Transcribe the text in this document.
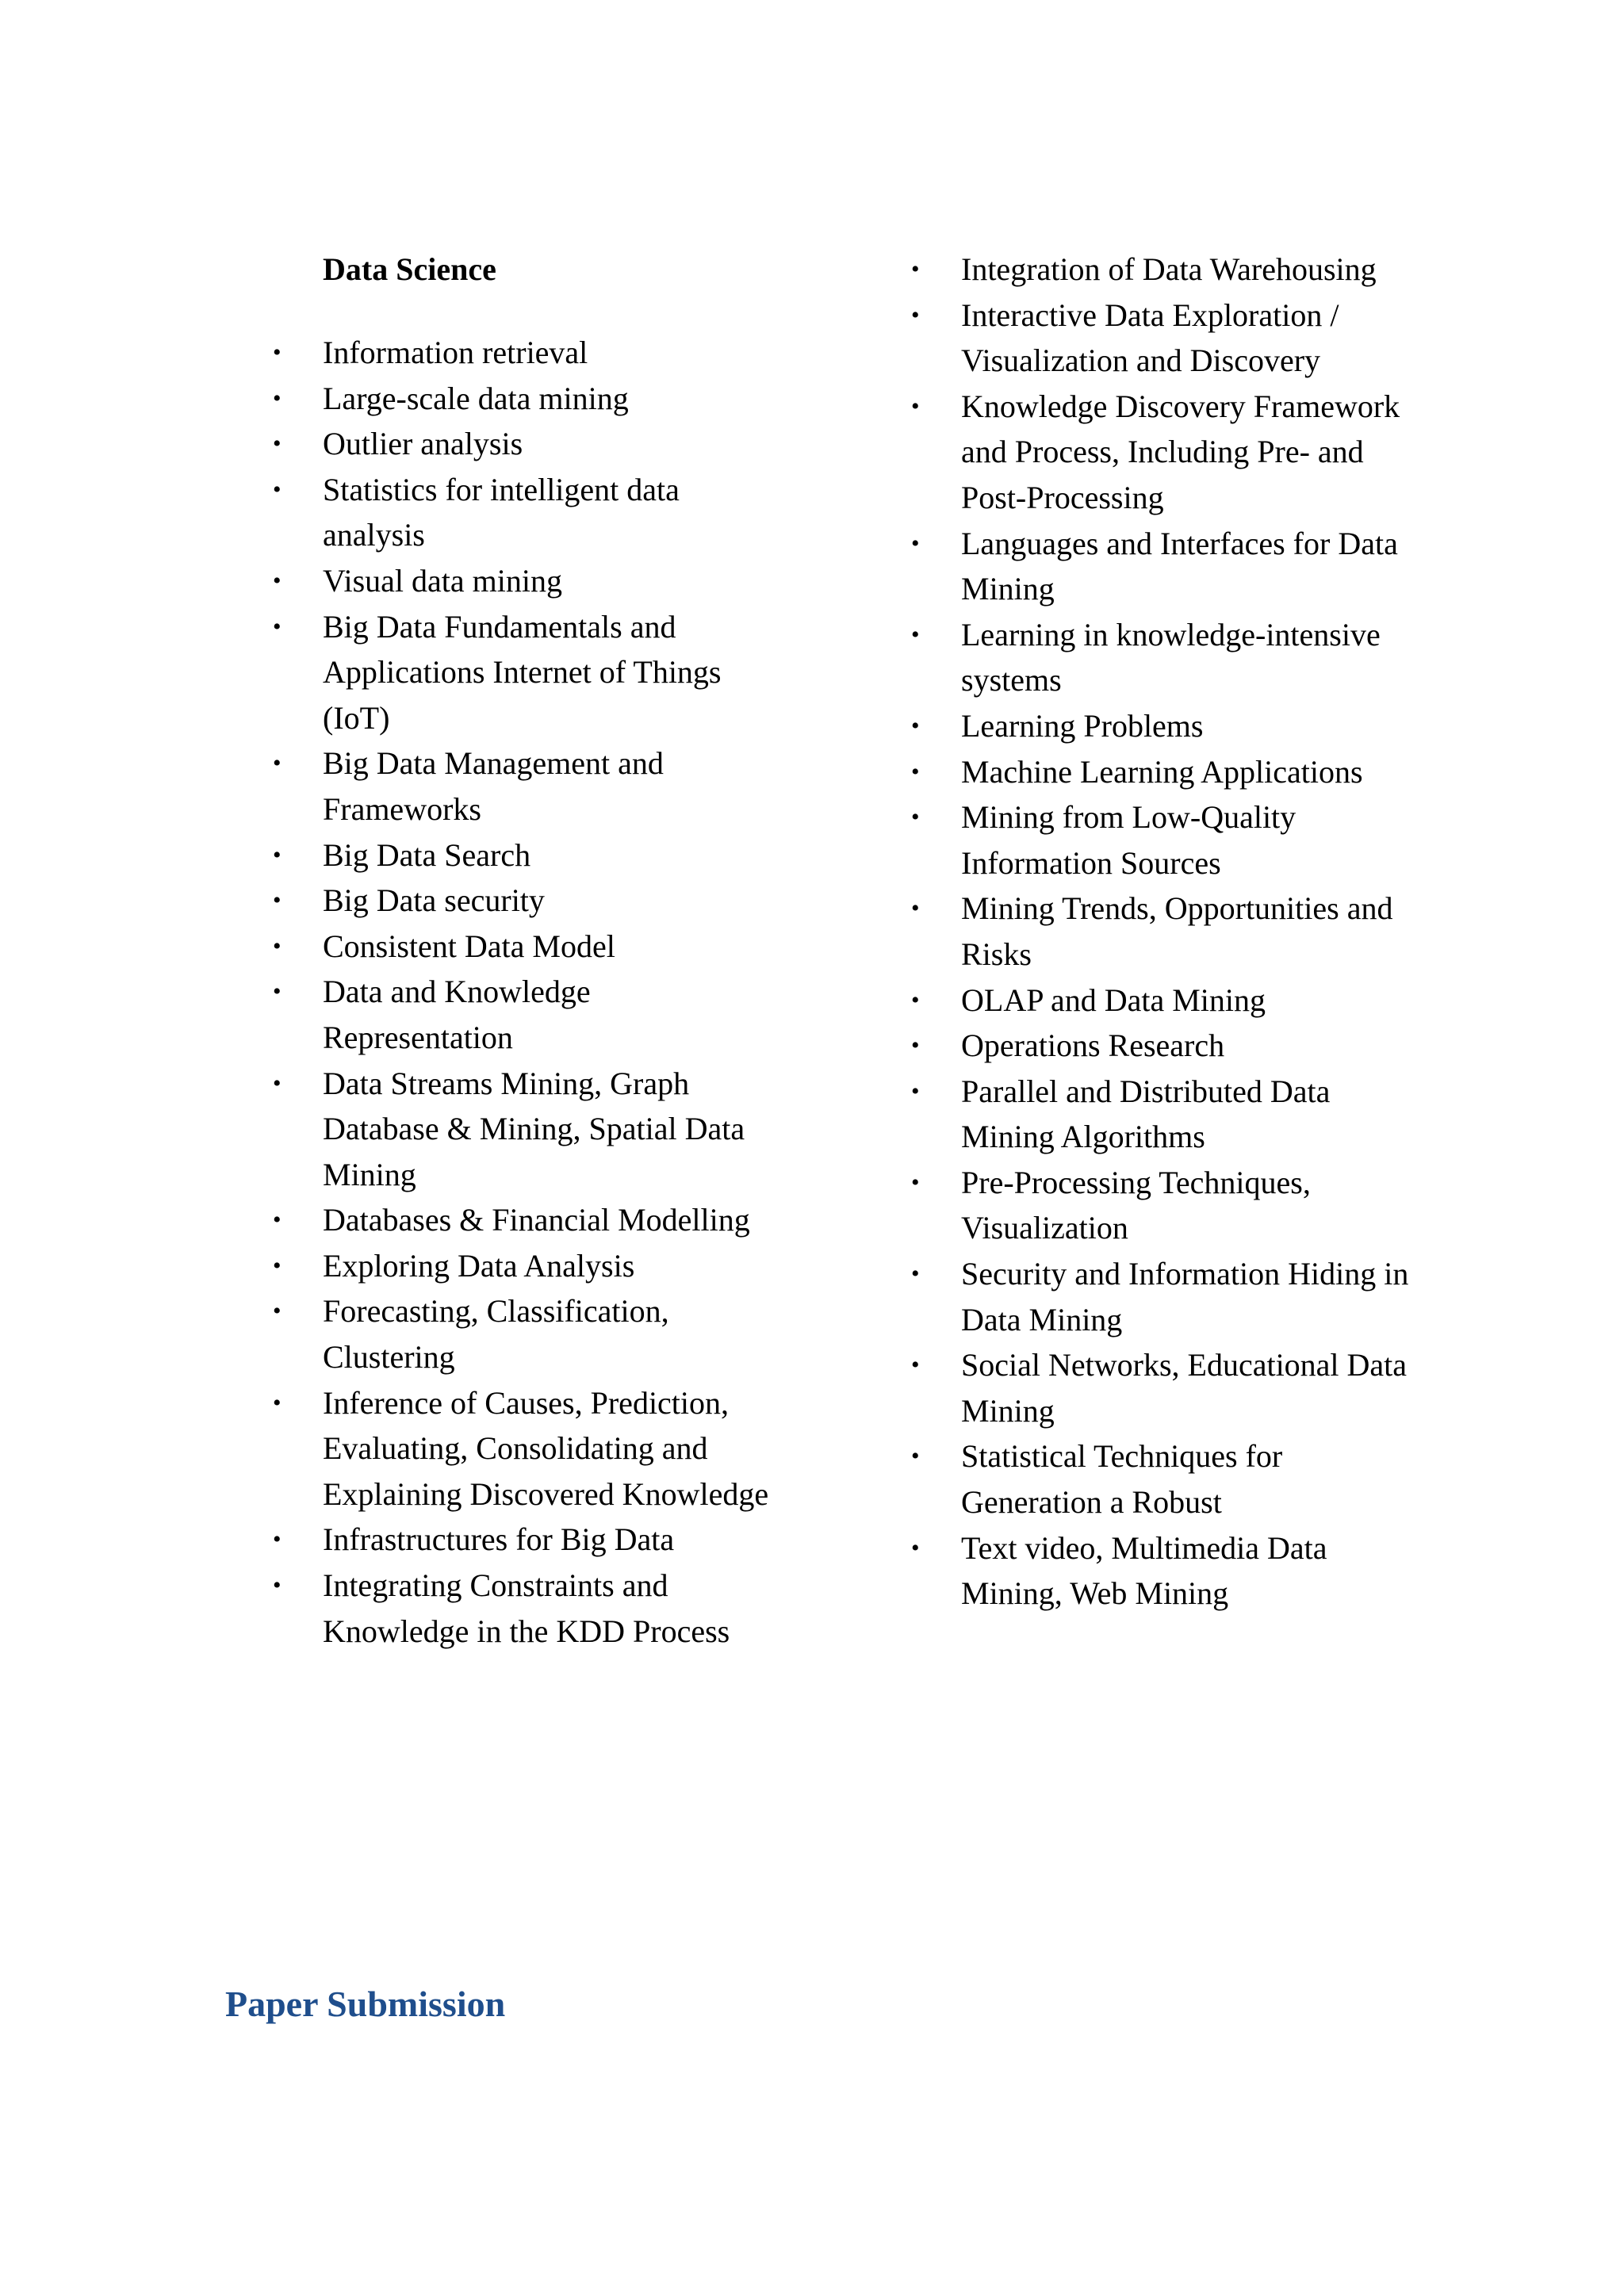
Data Science
•	Information retrieval
•	Large-scale data mining
•	Outlier analysis
•	Statistics for intelligent data analysis
•	Visual data mining
•	Big Data Fundamentals and Applications Internet of Things (IoT)
•	Big Data Management and Frameworks
•	Big Data Search
•	Big Data security
•	Consistent Data Model
•	Data and Knowledge Representation
•	Data Streams Mining, Graph Database & Mining, Spatial Data Mining
•	Databases & Financial Modelling
•	Exploring Data Analysis
•	Forecasting, Classification, Clustering
•	Inference of Causes, Prediction, Evaluating, Consolidating and Explaining Discovered Knowledge
•	Infrastructures for Big Data
•	Integrating Constraints and Knowledge in the KDD Process
•	Integration of Data Warehousing
•	Interactive Data Exploration / Visualization and Discovery
•	Knowledge Discovery Framework and Process, Including Pre- and Post-Processing
•	Languages and Interfaces for Data Mining
•	Learning in knowledge-intensive systems
•	Learning Problems
•	Machine Learning Applications
•	Mining from Low-Quality Information Sources
•	Mining Trends, Opportunities and Risks
•	OLAP and Data Mining
•	Operations Research
•	Parallel and Distributed Data Mining Algorithms
•	Pre-Processing Techniques, Visualization
•	Security and Information Hiding in Data Mining
•	Social Networks, Educational Data Mining
•	Statistical Techniques for Generation a Robust
•	Text video, Multimedia Data Mining, Web Mining
Paper Submission
